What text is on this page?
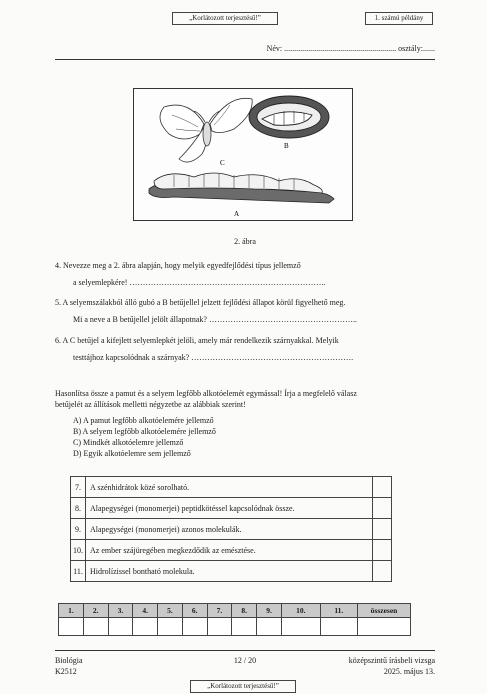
„Korlátozott terjesztésű!”	1. számú példány
Név: ........................................................ osztály:......
B
C
A
2. ábra
4. Nevezze meg a 2. ábra alapján, hogy melyik egyedfejlődési típus jellemző
a selyemlepkére! ………………………………………………………………..
5. A selyemszálakból álló gubó a B betűjellel jelzett fejlődési állapot körül figyelhető meg.
Mi a neve a B betűjellel jelölt állapotnak? ………………………………………………..
6. A C betűjel a kifejlett selyemlepkét jelöli, amely már rendelkezik szárnyakkal. Melyik
testtájhoz kapcsolódnak a szárnyak? …………………………………………………….
Hasonlítsa össze a pamut és a selyem legfőbb alkotóelemét egymással! Írja a megfelelő válasz
betűjelét az állítások melletti négyzetbe az alábbiak szerint!
A) A pamut legfőbb alkotóelemére jellemző
B) A selyem legfőbb alkotóelemére jellemző
C) Mindkét alkotóelemre jellemző
D) Egyik alkotóelemre sem jellemző
7.	A szénhidrátok közé sorolható.	
8.	Alapegységei (monomerjei) peptidkötéssel kapcsolódnak össze.	
9.	Alapegységei (monomerjei) azonos molekulák.	
10.	Az ember szájüregében megkezdődik az emésztése.	
11.	Hidrolízissel bontható molekula.	
1.	2.	3.	4.	5.	6.	7.	8.	9.	10.	11.	összesen

Biológia
K2512
12 / 20	középszintű írásbeli vizsga
2025. május 13.
„Korlátozott terjesztésű!”
